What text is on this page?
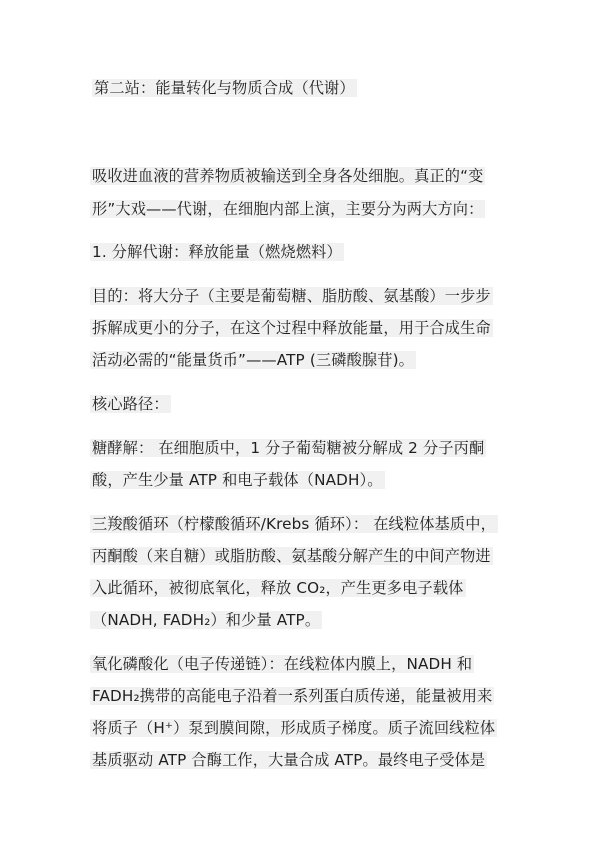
第二站：能量转化与物质合成（代谢）
吸收进血液的营养物质被输送到全身各处细胞。真正的“变
形”大戏——代谢，在细胞内部上演，主要分为两大方向：
1. 分解代谢：释放能量（燃烧燃料）
目的：将大分子（主要是葡萄糖、脂肪酸、氨基酸）一步步
拆解成更小的分子，在这个过程中释放能量，用于合成生命
活动必需的“能量货币”——ATP (三磷酸腺苷)。
核心路径：
糖酵解： 在细胞质中，1 分子葡萄糖被分解成 2 分子丙酮
酸，产生少量 ATP 和电子载体（NADH）。
三羧酸循环（柠檬酸循环/Krebs 循环）： 在线粒体基质中，
丙酮酸（来自糖）或脂肪酸、氨基酸分解产生的中间产物进
入此循环，被彻底氧化，释放 CO₂，产生更多电子载体
（NADH, FADH₂）和少量 ATP。
氧化磷酸化（电子传递链）：在线粒体内膜上，NADH 和
FADH₂携带的高能电子沿着一系列蛋白质传递，能量被用来
将质子（H⁺）泵到膜间隙，形成质子梯度。质子流回线粒体
基质驱动 ATP 合酶工作，大量合成 ATP。最终电子受体是
